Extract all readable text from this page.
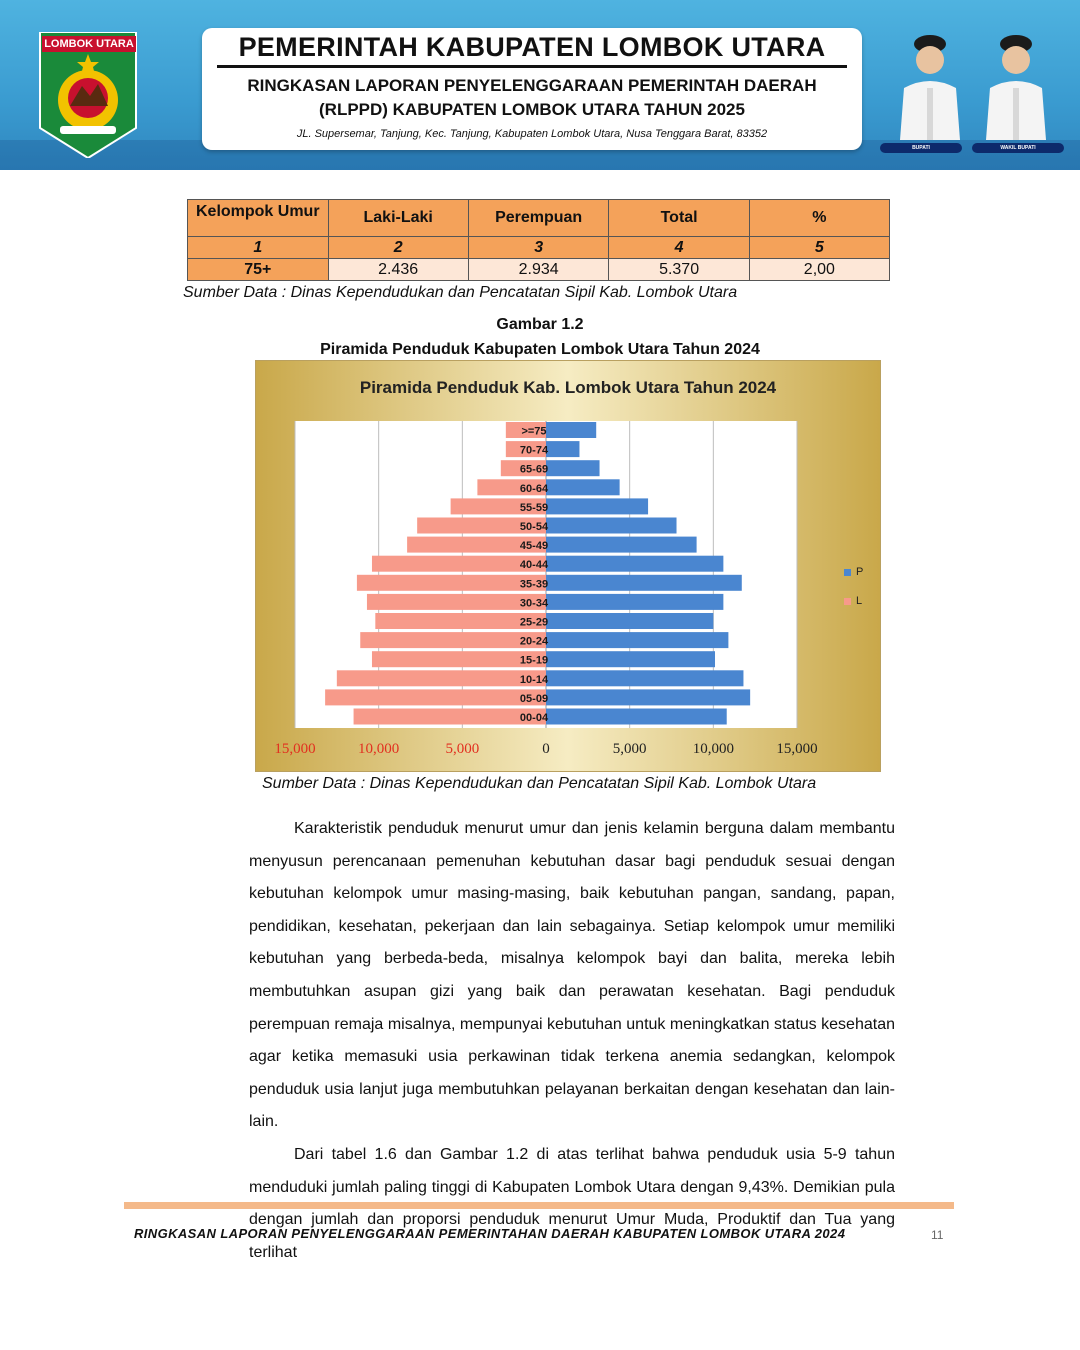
LOMBOK UTARA	PEMERINTAH KABUPATEN LOMBOK UTARA
RINGKASAN LAPORAN PENYELENGGARAAN PEMERINTAH DAERAH
(RLPPD) KABUPATEN LOMBOK UTARA TAHUN 2025
JL. Supersemar, Tanjung, Kec. Tanjung, Kabupaten Lombok Utara, Nusa Tenggara Barat, 83352
BUPATI	WAKIL BUPATI
Kelompok Umur	Laki-Laki	Perempuan	Total	%
1	2	3	4	5
75+	2.436	2.934	5.370	2,00
Sumber Data : Dinas Kependudukan dan Pencatatan Sipil Kab. Lombok Utara
Gambar 1.2
Piramida Penduduk Kabupaten Lombok Utara Tahun 2024
Piramida Penduduk Kab. Lombok Utara Tahun 2024
>=75
70-74
65-69
60-64
55-59
50-54
45-49
40-44
35-39
30-34
25-29
20-24
15-19
10-14
05-09
00-04
15,000	10,000	5,000	0	5,000	10,000	15,000
P
L
Sumber Data : Dinas Kependudukan dan Pencatatan Sipil Kab. Lombok Utara

Karakteristik penduduk menurut umur dan jenis kelamin berguna dalam membantu menyusun perencanaan pemenuhan kebutuhan dasar bagi penduduk sesuai dengan kebutuhan kelompok umur masing-masing, baik kebutuhan pangan, sandang, papan, pendidikan, kesehatan, pekerjaan dan lain sebagainya. Setiap kelompok umur memiliki kebutuhan yang berbeda-beda, misalnya kelompok bayi dan balita, mereka lebih membutuhkan asupan gizi yang baik dan perawatan kesehatan. Bagi penduduk perempuan remaja misalnya, mempunyai kebutuhan untuk meningkatkan status kesehatan agar ketika memasuki usia perkawinan tidak terkena anemia sedangkan, kelompok penduduk usia lanjut juga membutuhkan pelayanan berkaitan dengan kesehatan dan lain-lain.

Dari tabel 1.6 dan Gambar 1.2 di atas terlihat bahwa penduduk usia 5-9 tahun menduduki jumlah paling tinggi di Kabupaten Lombok Utara dengan 9,43%. Demikian pula dengan jumlah dan proporsi penduduk menurut Umur Muda, Produktif dan Tua yang terlihat

RINGKASAN LAPORAN PENYELENGGARAAN PEMERINTAHAN DAERAH KABUPATEN LOMBOK UTARA 2024	11
